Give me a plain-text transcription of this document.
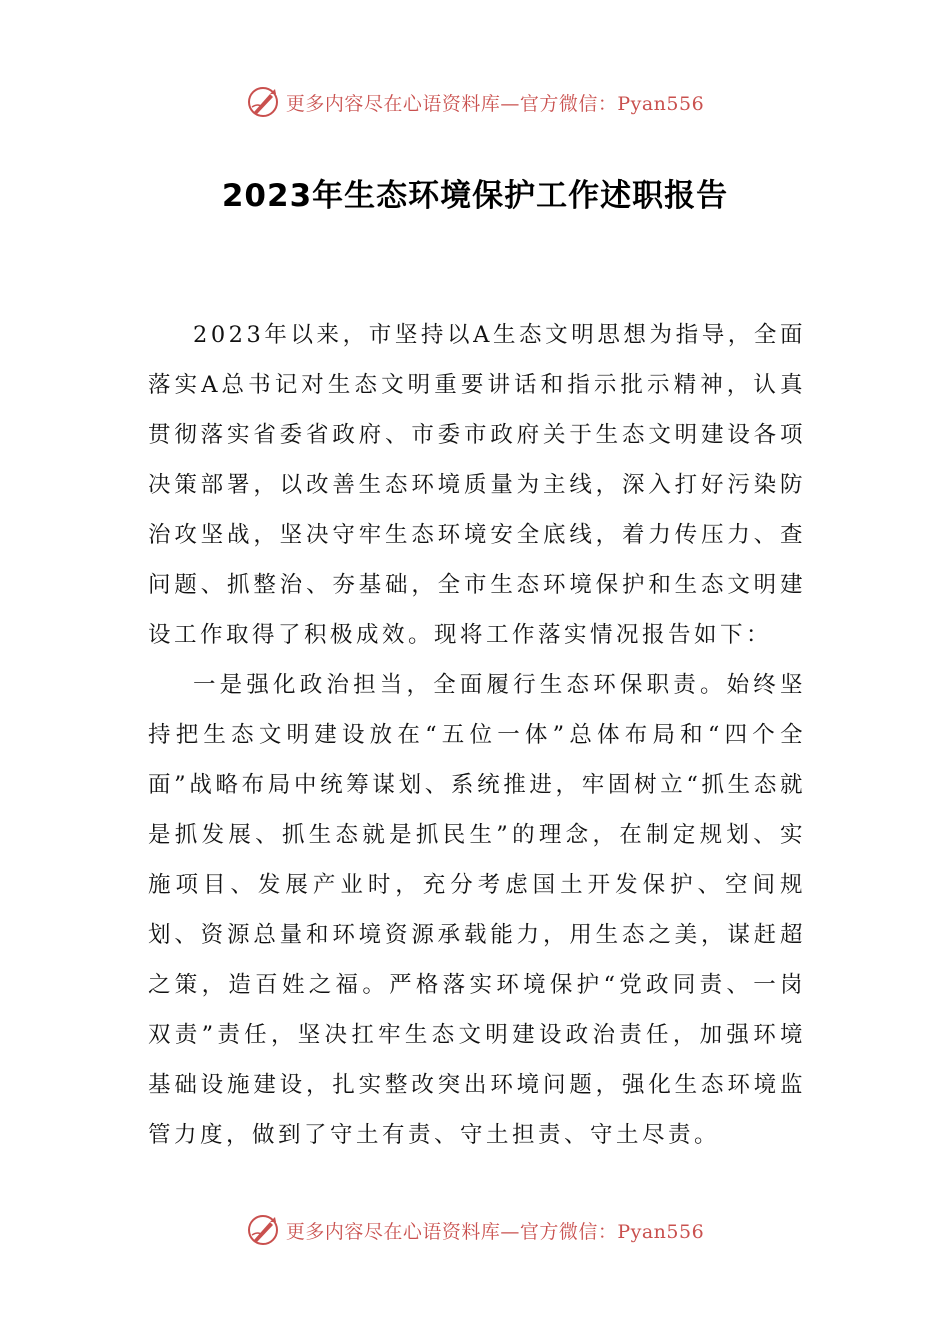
更多内容尽在心语资料库—官方微信：Pyan556
2023年生态环境保护工作述职报告

2023年以来，市坚持以A生态文明思想为指导，全面落实A总书记对生态文明重要讲话和指示批示精神，认真贯彻落实省委省政府、市委市政府关于生态文明建设各项决策部署，以改善生态环境质量为主线，深入打好污染防治攻坚战，坚决守牢生态环境安全底线，着力传压力、查问题、抓整治、夯基础，全市生态环境保护和生态文明建设工作取得了积极成效。现将工作落实情况报告如下：

一是强化政治担当，全面履行生态环保职责。始终坚持把生态文明建设放在“五位一体”总体布局和“四个全面”战略布局中统筹谋划、系统推进，牢固树立“抓生态就是抓发展、抓生态就是抓民生”的理念，在制定规划、实施项目、发展产业时，充分考虑国土开发保护、空间规划、资源总量和环境资源承载能力，用生态之美，谋赶超之策，造百姓之福。严格落实环境保护“党政同责、一岗双责”责任，坚决扛牢生态文明建设政治责任，加强环境基础设施建设，扎实整改突出环境问题，强化生态环境监管力度，做到了守土有责、守土担责、守土尽责。

更多内容尽在心语资料库—官方微信：Pyan556
